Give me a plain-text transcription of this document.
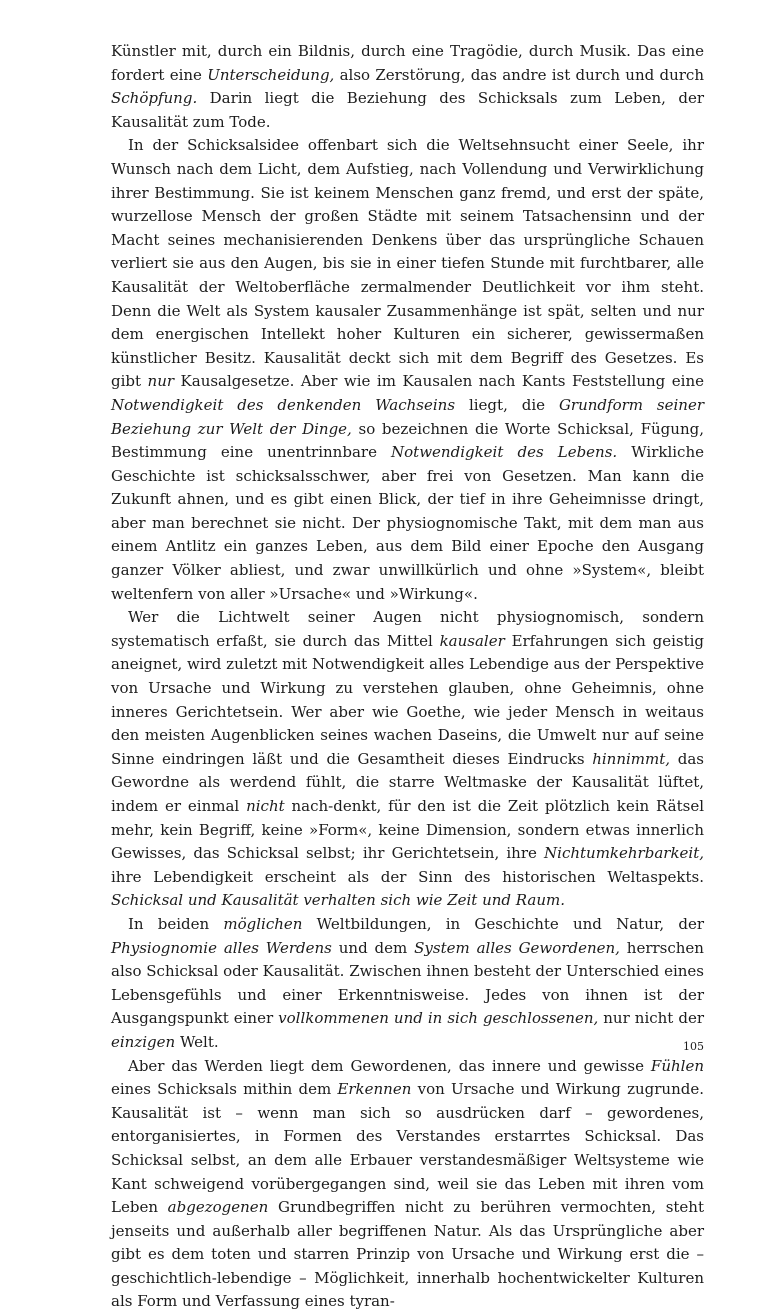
Künstler mit, durch ein Bildnis, durch eine Tragödie, durch Musik. Das eine fordert eine Unterscheidung, also Zerstörung, das andre ist durch und durch Schöpfung. Darin liegt die Beziehung des Schicksals zum Leben, der Kausalität zum Tode.

In der Schicksalsidee offenbart sich die Weltsehnsucht einer Seele, ihr Wunsch nach dem Licht, dem Aufstieg, nach Vollendung und Verwirklichung ihrer Bestimmung. Sie ist keinem Menschen ganz fremd, und erst der späte, wurzellose Mensch der großen Städte mit seinem Tatsachensinn und der Macht seines mechanisierenden Denkens über das ursprüngliche Schauen verliert sie aus den Augen, bis sie in einer tiefen Stunde mit furchtbarer, alle Kausalität der Weltoberfläche zermalmender Deutlichkeit vor ihm steht. Denn die Welt als System kausaler Zusammenhänge ist spät, selten und nur dem energischen Intellekt hoher Kulturen ein sicherer, gewissermaßen künstlicher Besitz. Kausalität deckt sich mit dem Begriff des Gesetzes. Es gibt nur Kausalgesetze. Aber wie im Kausalen nach Kants Feststellung eine Notwendigkeit des denkenden Wachseins liegt, die Grundform seiner Beziehung zur Welt der Dinge, so bezeichnen die Worte Schicksal, Fügung, Bestimmung eine unentrinnbare Notwendigkeit des Lebens. Wirkliche Geschichte ist schicksalsschwer, aber frei von Gesetzen. Man kann die Zukunft ahnen, und es gibt einen Blick, der tief in ihre Geheimnisse dringt, aber man berechnet sie nicht. Der physiognomische Takt, mit dem man aus einem Antlitz ein ganzes Leben, aus dem Bild einer Epoche den Ausgang ganzer Völker abliest, und zwar unwillkürlich und ohne »System«, bleibt weltenfern von aller »Ursache« und »Wirkung«.

Wer die Lichtwelt seiner Augen nicht physiognomisch, sondern systematisch erfaßt, sie durch das Mittel kausaler Erfahrungen sich geistig aneignet, wird zuletzt mit Notwendigkeit alles Lebendige aus der Perspektive von Ursache und Wirkung zu verstehen glauben, ohne Geheimnis, ohne inneres Gerichtetsein. Wer aber wie Goethe, wie jeder Mensch in weitaus den meisten Augenblicken seines wachen Daseins, die Umwelt nur auf seine Sinne eindringen läßt und die Gesamtheit dieses Eindrucks hinnimmt, das Gewordne als werdend fühlt, die starre Weltmaske der Kausalität lüftet, indem er einmal nicht nach-denkt, für den ist die Zeit plötzlich kein Rätsel mehr, kein Begriff, keine »Form«, keine Dimension, sondern etwas innerlich Gewisses, das Schicksal selbst; ihr Gerichtetsein, ihre Nichtumkehrbarkeit, ihre Lebendigkeit erscheint als der Sinn des historischen Weltaspekts. Schicksal und Kausalität verhalten sich wie Zeit und Raum.

In beiden möglichen Weltbildungen, in Geschichte und Natur, der Physiognomie alles Werdens und dem System alles Gewordenen, herrschen also Schicksal oder Kausalität. Zwischen ihnen besteht der Unterschied eines Lebensgefühls und einer Erkenntnisweise. Jedes von ihnen ist der Ausgangspunkt einer vollkommenen und in sich geschlossenen, nur nicht der einzigen Welt.

Aber das Werden liegt dem Gewordenen, das innere und gewisse Fühlen eines Schicksals mithin dem Erkennen von Ursache und Wirkung zugrunde. Kausalität ist – wenn man sich so ausdrücken darf – gewordenes, entorganisiertes, in Formen des Verstandes erstarrtes Schicksal. Das Schicksal selbst, an dem alle Erbauer verstandesmäßiger Weltsysteme wie Kant schweigend vorübergegangen sind, weil sie das Leben mit ihren vom Leben abgezogenen Grundbegriffen nicht zu berühren vermochten, steht jenseits und außerhalb aller begriffenen Natur. Als das Ursprüngliche aber gibt es dem toten und starren Prinzip von Ursache und Wirkung erst die – geschichtlich-lebendige – Möglichkeit, innerhalb hochentwickelter Kulturen als Form und Verfassung eines tyran-

105
